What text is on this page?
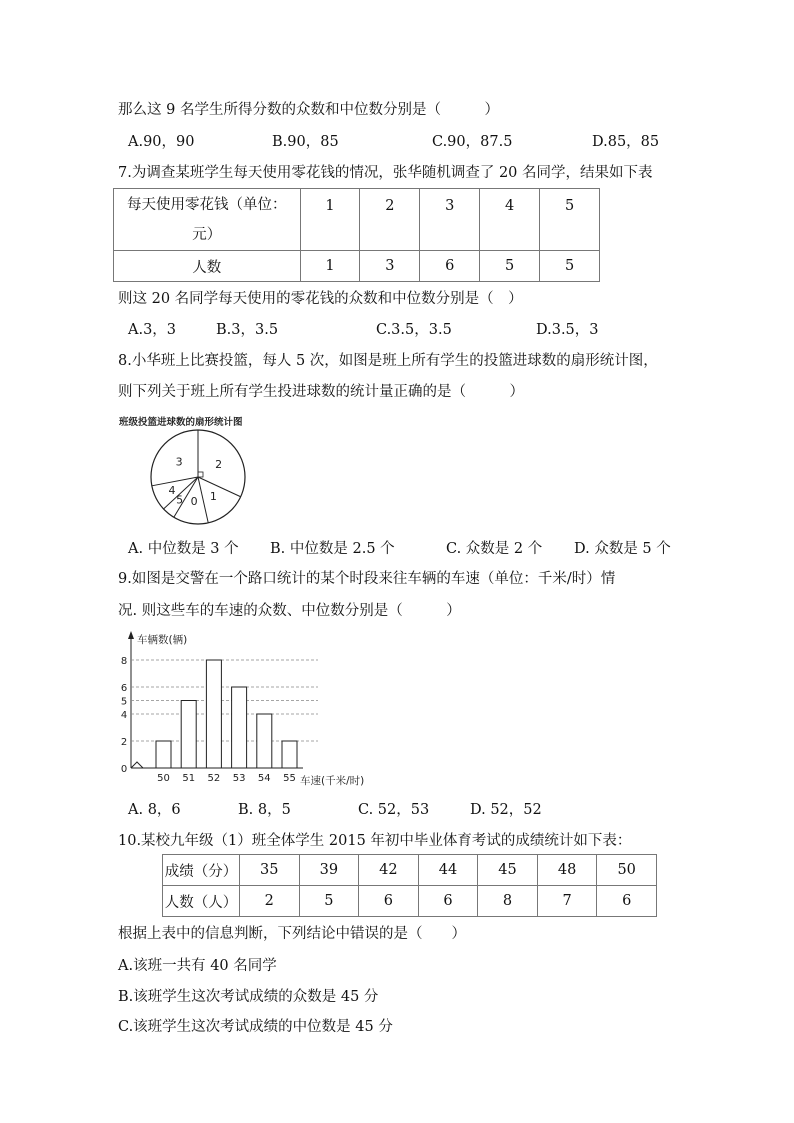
那么这 9 名学生所得分数的众数和中位数分别是（　　　）
A.90，90	B.90，85	C.90，87.5	D.85，85
7.为调查某班学生每天使用零花钱的情况，张华随机调查了 20 名同学，结果如下表
每天使用零花钱（单位：
元）	1	2	3	4	5
人数	1	3	6	5	5
则这 20 名同学每天使用的零花钱的众数和中位数分别是（　）
A.3，3	B.3，3.5	C.3.5，3.5	D.3.5，3
8.小华班上比赛投篮，每人 5 次，如图是班上所有学生的投篮进球数的扇形统计图，
则下列关于班上所有学生投进球数的统计量正确的是（　　　）
班级投篮进球数的扇形统计图
2
1
0
5
4
3
A. 中位数是 3 个 B. 中位数是 2.5 个	C. 众数是 2 个 D. 众数是 5 个
9.如图是交警在一个路口统计的某个时段来往车辆的车速（单位：千米/时）情
况. 则这些车的车速的众数、中位数分别是（　　　）
车辆数(辆)
车速(千米/时)
0
2
4
5
6
8
50 51 52 53 54 55
A. 8，6	B. 8，5	C. 52，53	D. 52，52
10.某校九年级（1）班全体学生 2015 年初中毕业体育考试的成绩统计如下表：
成绩（分）	35	39	42	44	45	48	50
人数（人）	2	5	6	6	8	7	6
根据上表中的信息判断，下列结论中错误的是（　　）
A.该班一共有 40 名同学
B.该班学生这次考试成绩的众数是 45 分
C.该班学生这次考试成绩的中位数是 45 分
